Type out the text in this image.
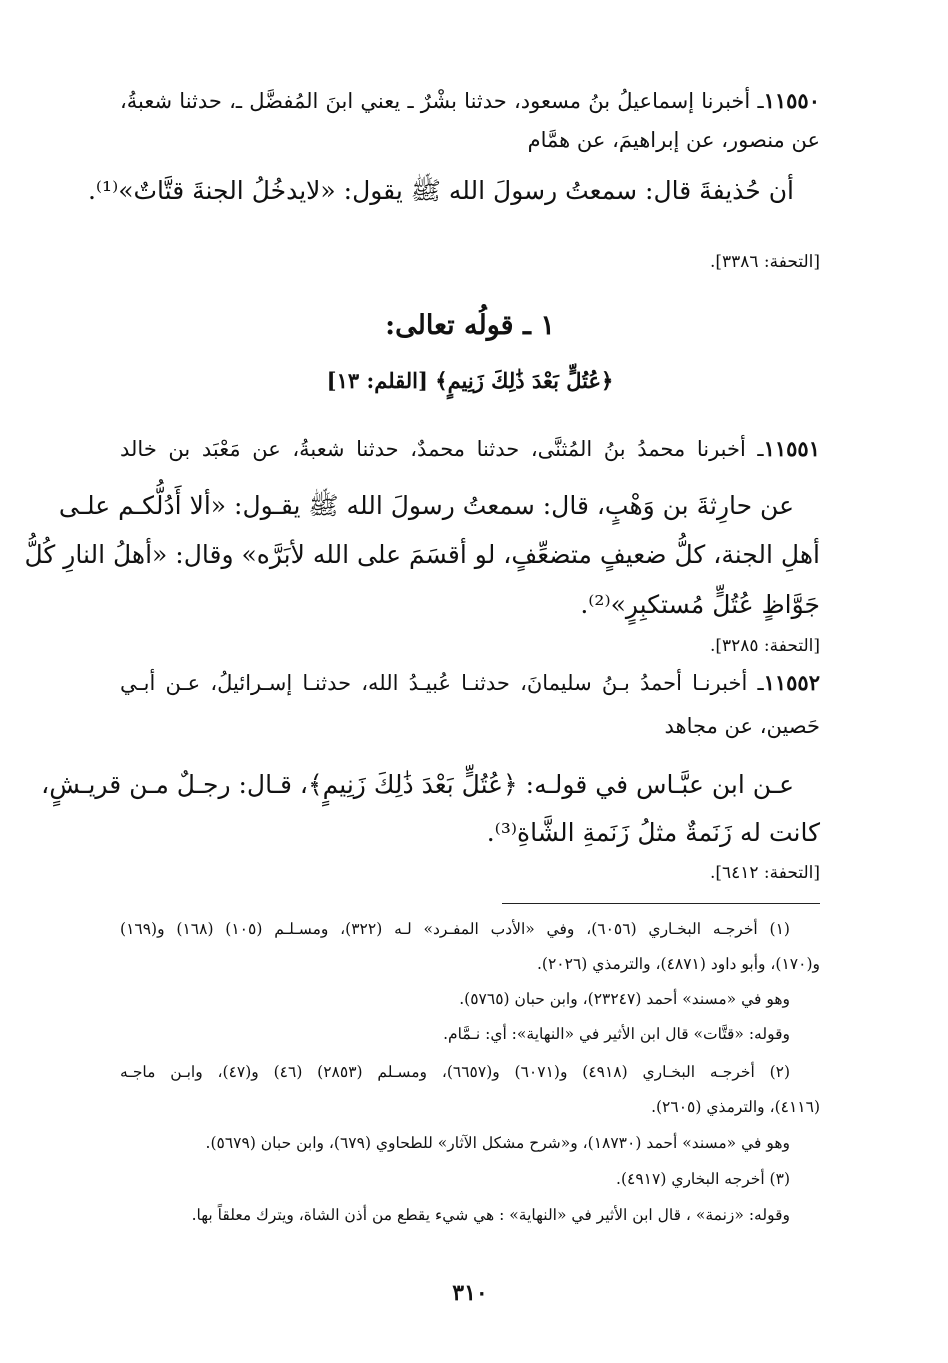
١١٥٥٠ـ أخبرنا إسماعيلُ بنُ مسعود، حدثنا بشْرٌ ـ يعني ابنَ المُفضَّل ـ، حدثنا شعبةُ،
عن منصور، عن إبراهيمَ، عن همَّام
أن حُذيفةَ قال: سمعتُ رسولَ الله ﷺ يقول: «لايدخُلُ الجنةَ قتَّاتٌ»⁽¹⁾.
[التحفة: ٣٣٨٦].
١ ـ قولُه تعالى:
﴿عُتُلٍّ بَعْدَ ذَٰلِكَ زَنِيمٍ﴾ [القلم: ١٣]
١١٥٥١ـ أخبرنا محمدُ بنُ المُثنَّى، حدثنا محمدٌ، حدثنا شعبةُ، عن مَعْبَد بن خالد
عن حارِثةَ بن وَهْبٍ، قال: سمعتُ رسولَ الله ﷺ يقـول: «ألا أَدُلُّكـم علـى
أهلِ الجنة، كلُّ ضعيفٍ متضعِّفٍ، لو أقسَمَ على الله لأبَرَّه» وقال: «أهلُ النارِ كُلُّ
جَوَّاظٍ عُتُلٍّ مُستكبِرٍ»⁽²⁾.
[التحفة: ٣٢٨٥].
١١٥٥٢ـ أخبرنـا أحمدُ بـنُ سليمانَ، حدثنـا عُبيـدُ الله، حدثنـا إسـرائيلُ، عـن أبـي
حَصين، عن مجاهد
عـن ابن عبَّـاس في قولـه: ﴿عُتُلٍّ بَعْدَ ذَٰلِكَ زَنِيمٍ﴾، قـال: رجـلٌ مـن قريـشٍ،
كانت له زَنَمةٌ مثلُ زَنَمةِ الشَّاةِ⁽³⁾.
[التحفة: ٦٤١٢].
(١) أخرجـه البخـاري (٦٠٥٦)، وفي «الأدب المفـرد» لـه (٣٢٢)، ومسـلـم (١٠٥) (١٦٨) و(١٦٩)
و(١٧٠)، وأبو داود (٤٨٧١)، والترمذي (٢٠٢٦).
وهو في «مسند» أحمد (٢٣٢٤٧)، وابن حبان (٥٧٦٥).
وقوله: «قتَّات» قال ابن الأثير في «النهاية»: أي: نـمَّام.
(٢) أخرجـه البخـاري (٤٩١٨) و(٦٠٧١) و(٦٦٥٧)، ومسـلم (٢٨٥٣) (٤٦) و(٤٧)، وابـن ماجـه
(٤١١٦)، والترمذي (٢٦٠٥).
وهو في «مسند» أحمد (١٨٧٣٠)، و«شرح مشكل الآثار» للطحاوي (٦٧٩)، وابن حبان (٥٦٧٩).
(٣) أخرجه البخاري (٤٩١٧).
وقوله: «زنمة» ، قال ابن الأثير في «النهاية» : هي شيء يقطع من أذن الشاة، ويترك معلقاً بها.
٣١٠
